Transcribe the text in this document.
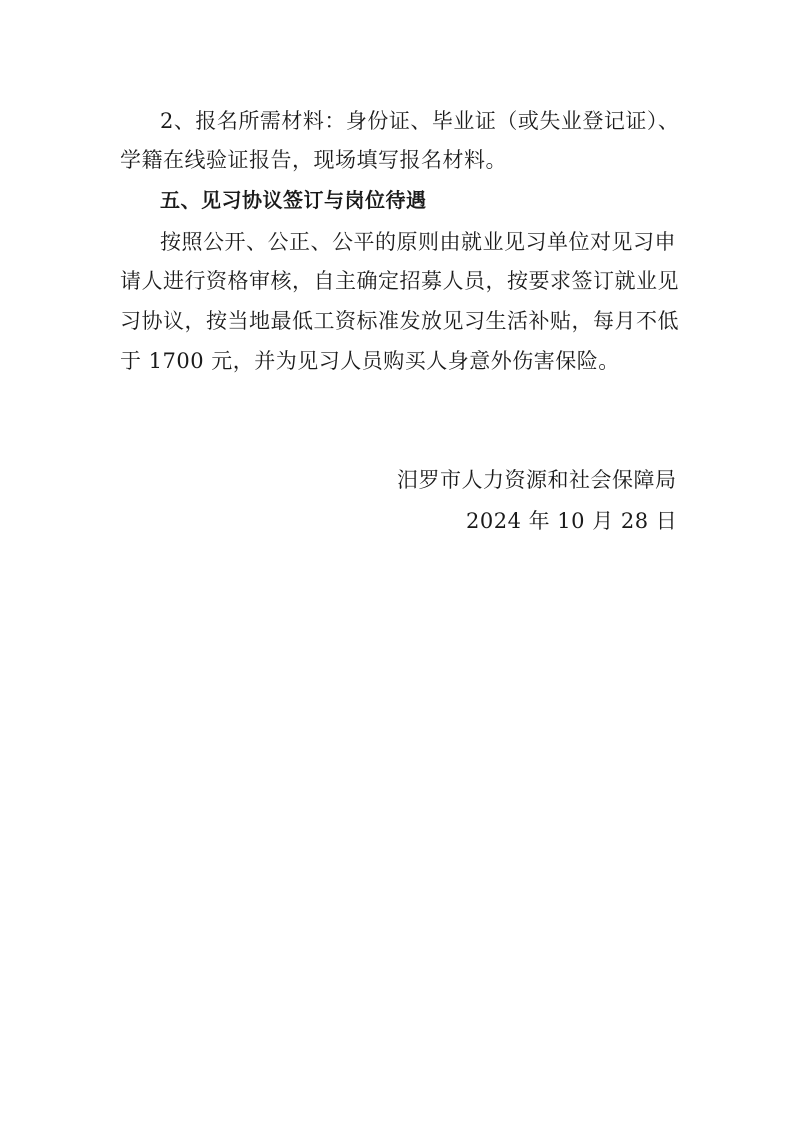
2、报名所需材料：身份证、毕业证（或失业登记证）、
学籍在线验证报告，现场填写报名材料。
五、见习协议签订与岗位待遇
按照公开、公正、公平的原则由就业见习单位对见习申
请人进行资格审核，自主确定招募人员，按要求签订就业见
习协议，按当地最低工资标准发放见习生活补贴，每月不低
于 1700 元，并为见习人员购买人身意外伤害保险。
汨罗市人力资源和社会保障局
2024 年 10 月 28 日
